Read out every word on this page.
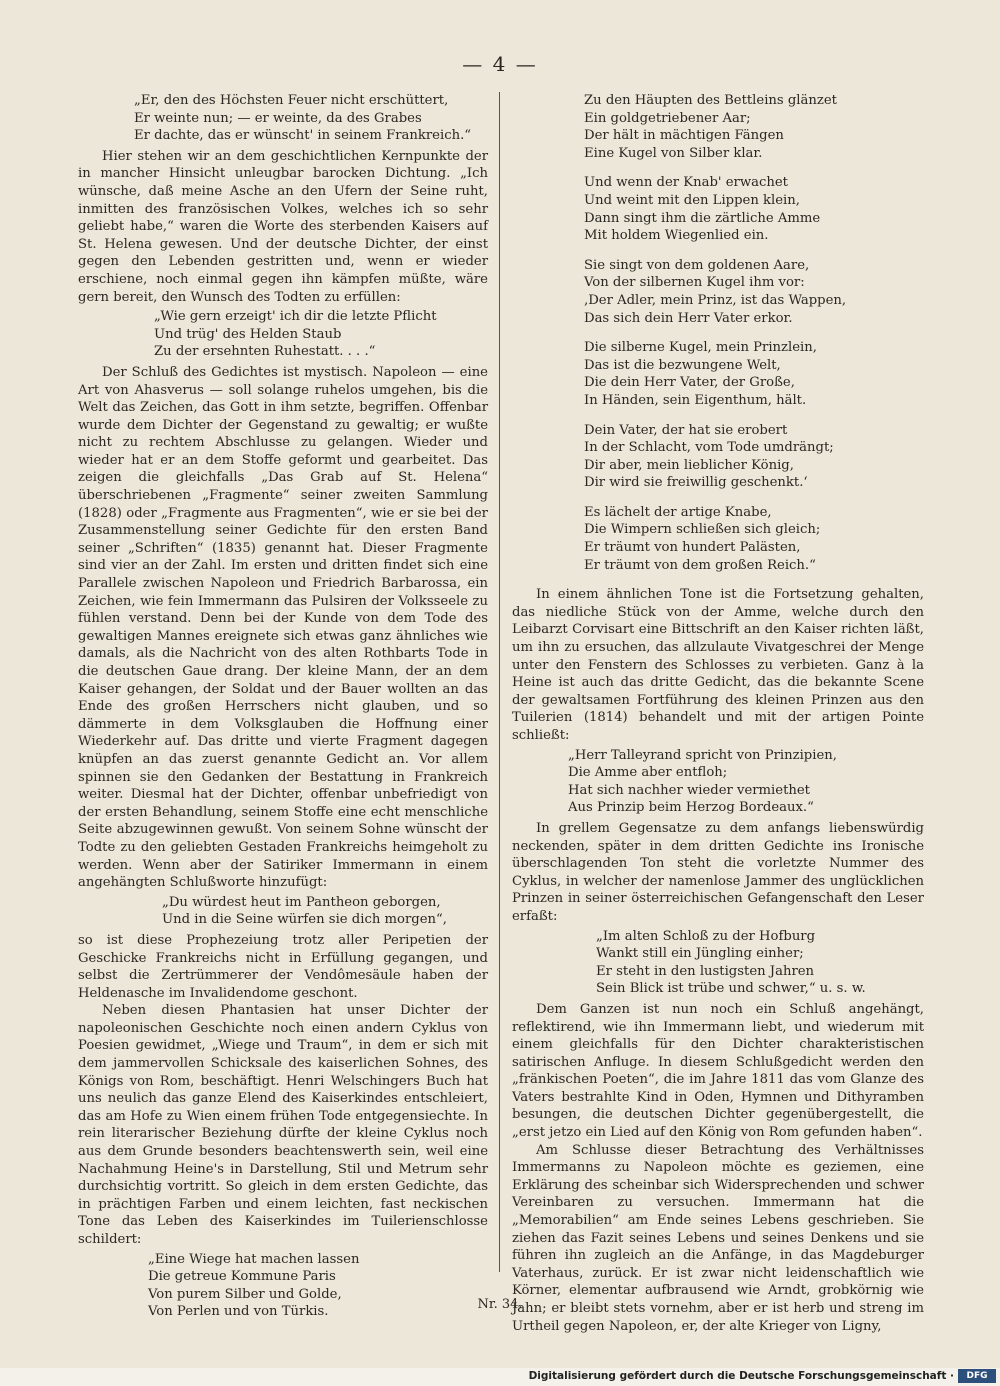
— 4 —
„Er, den des Höchsten Feuer nicht erschüttert,
Er weinte nun; — er weinte, da des Grabes
Er dachte, das er wünscht' in seinem Frankreich.“

Hier stehen wir an dem geschichtlichen Kernpunkte der in mancher Hinsicht unleugbar barocken Dichtung. „Ich wünsche, daß meine Asche an den Ufern der Seine ruht, inmitten des französischen Volkes, welches ich so sehr geliebt habe,“ waren die Worte des sterbenden Kaisers auf St. Helena gewesen. Und der deutsche Dichter, der einst gegen den Lebenden gestritten und, wenn er wieder erschiene, noch einmal gegen ihn kämpfen müßte, wäre gern bereit, den Wunsch des Todten zu erfüllen:

„Wie gern erzeigt' ich dir die letzte Pflicht
Und trüg' des Helden Staub
Zu der ersehnten Ruhestatt. . . .“

Der Schluß des Gedichtes ist mystisch. Napoleon — eine Art von Ahasverus — soll solange ruhelos umgehen, bis die Welt das Zeichen, das Gott in ihm setzte, begriffen. Offenbar wurde dem Dichter der Gegenstand zu gewaltig; er wußte nicht zu rechtem Abschlusse zu gelangen. Wieder und wieder hat er an dem Stoffe geformt und gearbeitet. Das zeigen die gleichfalls „Das Grab auf St. Helena“ überschriebenen „Fragmente“ seiner zweiten Sammlung (1828) oder „Fragmente aus Fragmenten“, wie er sie bei der Zusammenstellung seiner Gedichte für den ersten Band seiner „Schriften“ (1835) genannt hat. Dieser Fragmente sind vier an der Zahl. Im ersten und dritten findet sich eine Parallele zwischen Napoleon und Friedrich Barbarossa, ein Zeichen, wie fein Immermann das Pulsiren der Volksseele zu fühlen verstand. Denn bei der Kunde von dem Tode des gewaltigen Mannes ereignete sich etwas ganz ähnliches wie damals, als die Nachricht von des alten Rothbarts Tode in die deutschen Gaue drang. Der kleine Mann, der an dem Kaiser gehangen, der Soldat und der Bauer wollten an das Ende des großen Herrschers nicht glauben, und so dämmerte in dem Volksglauben die Hoffnung einer Wiederkehr auf. Das dritte und vierte Fragment dagegen knüpfen an das zuerst genannte Gedicht an. Vor allem spinnen sie den Gedanken der Bestattung in Frankreich weiter. Diesmal hat der Dichter, offenbar unbefriedigt von der ersten Behandlung, seinem Stoffe eine echt menschliche Seite abzugewinnen gewußt. Von seinem Sohne wünscht der Todte zu den geliebten Gestaden Frankreichs heimgeholt zu werden. Wenn aber der Satiriker Immermann in einem angehängten Schlußworte hinzufügt:

„Du würdest heut im Pantheon geborgen,
Und in die Seine würfen sie dich morgen“,

so ist diese Prophezeiung trotz aller Peripetien der Geschicke Frankreichs nicht in Erfüllung gegangen, und selbst die Zertrümmerer der Vendômesäule haben der Heldenasche im Invalidendome geschont.

Neben diesen Phantasien hat unser Dichter der napoleonischen Geschichte noch einen andern Cyklus von Poesien gewidmet, „Wiege und Traum“, in dem er sich mit dem jammervollen Schicksale des kaiserlichen Sohnes, des Königs von Rom, beschäftigt. Henri Welschingers Buch hat uns neulich das ganze Elend des Kaiserkindes entschleiert, das am Hofe zu Wien einem frühen Tode entgegensiechte. In rein literarischer Beziehung dürfte der kleine Cyklus noch aus dem Grunde besonders beachtenswerth sein, weil eine Nachahmung Heine's in Darstellung, Stil und Metrum sehr durchsichtig vortritt. So gleich in dem ersten Gedichte, das in prächtigen Farben und einem leichten, fast neckischen Tone das Leben des Kaiserkindes im Tuilerienschlosse schildert:

„Eine Wiege hat machen lassen
Die getreue Kommune Paris
Von purem Silber und Golde,
Von Perlen und von Türkis.
Zu den Häupten des Bettleins glänzet
Ein goldgetriebener Aar;
Der hält in mächtigen Fängen
Eine Kugel von Silber klar.
Und wenn der Knab' erwachet
Und weint mit den Lippen klein,
Dann singt ihm die zärtliche Amme
Mit holdem Wiegenlied ein.
Sie singt von dem goldenen Aare,
Von der silbernen Kugel ihm vor:
‚Der Adler, mein Prinz, ist das Wappen,
Das sich dein Herr Vater erkor.
Die silberne Kugel, mein Prinzlein,
Das ist die bezwungene Welt,
Die dein Herr Vater, der Große,
In Händen, sein Eigenthum, hält.
Dein Vater, der hat sie erobert
In der Schlacht, vom Tode umdrängt;
Dir aber, mein lieblicher König,
Dir wird sie freiwillig geschenkt.‘
Es lächelt der artige Knabe,
Die Wimpern schließen sich gleich;
Er träumt von hundert Palästen,
Er träumt von dem großen Reich.“

In einem ähnlichen Tone ist die Fortsetzung gehalten, das niedliche Stück von der Amme, welche durch den Leibarzt Corvisart eine Bittschrift an den Kaiser richten läßt, um ihn zu ersuchen, das allzulaute Vivatgeschrei der Menge unter den Fenstern des Schlosses zu verbieten. Ganz à la Heine ist auch das dritte Gedicht, das die bekannte Scene der gewaltsamen Fortführung des kleinen Prinzen aus den Tuilerien (1814) behandelt und mit der artigen Pointe schließt:

„Herr Talleyrand spricht von Prinzipien,
Die Amme aber entfloh;
Hat sich nachher wieder vermiethet
Aus Prinzip beim Herzog Bordeaux.“

In grellem Gegensatze zu dem anfangs liebenswürdig neckenden, später in dem dritten Gedichte ins Ironische überschlagenden Ton steht die vorletzte Nummer des Cyklus, in welcher der namenlose Jammer des unglücklichen Prinzen in seiner österreichischen Gefangenschaft den Leser erfaßt:

„Im alten Schloß zu der Hofburg
Wankt still ein Jüngling einher;
Er steht in den lustigsten Jahren
Sein Blick ist trübe und schwer,“ u. s. w.

Dem Ganzen ist nun noch ein Schluß angehängt, reflektirend, wie ihn Immermann liebt, und wiederum mit einem gleichfalls für den Dichter charakteristischen satirischen Anfluge. In diesem Schlußgedicht werden den „fränkischen Poeten“, die im Jahre 1811 das vom Glanze des Vaters bestrahlte Kind in Oden, Hymnen und Dithyramben besungen, die deutschen Dichter gegenübergestellt, die „erst jetzo ein Lied auf den König von Rom gefunden haben“.

Am Schlusse dieser Betrachtung des Verhältnisses Immermanns zu Napoleon möchte es geziemen, eine Erklärung des scheinbar sich Widersprechenden und schwer Vereinbaren zu versuchen. Immermann hat die „Memorabilien“ am Ende seines Lebens geschrieben. Sie ziehen das Fazit seines Lebens und seines Denkens und sie führen ihn zugleich an die Anfänge, in das Magdeburger Vaterhaus, zurück. Er ist zwar nicht leidenschaftlich wie Körner, elementar aufbrausend wie Arndt, grobkörnig wie Jahn; er bleibt stets vornehm, aber er ist herb und streng im Urtheil gegen Napoleon, er, der alte Krieger von Ligny,

Nr. 34.
Digitalisierung gefördert durch die Deutsche Forschungsgemeinschaft ·	DFG
